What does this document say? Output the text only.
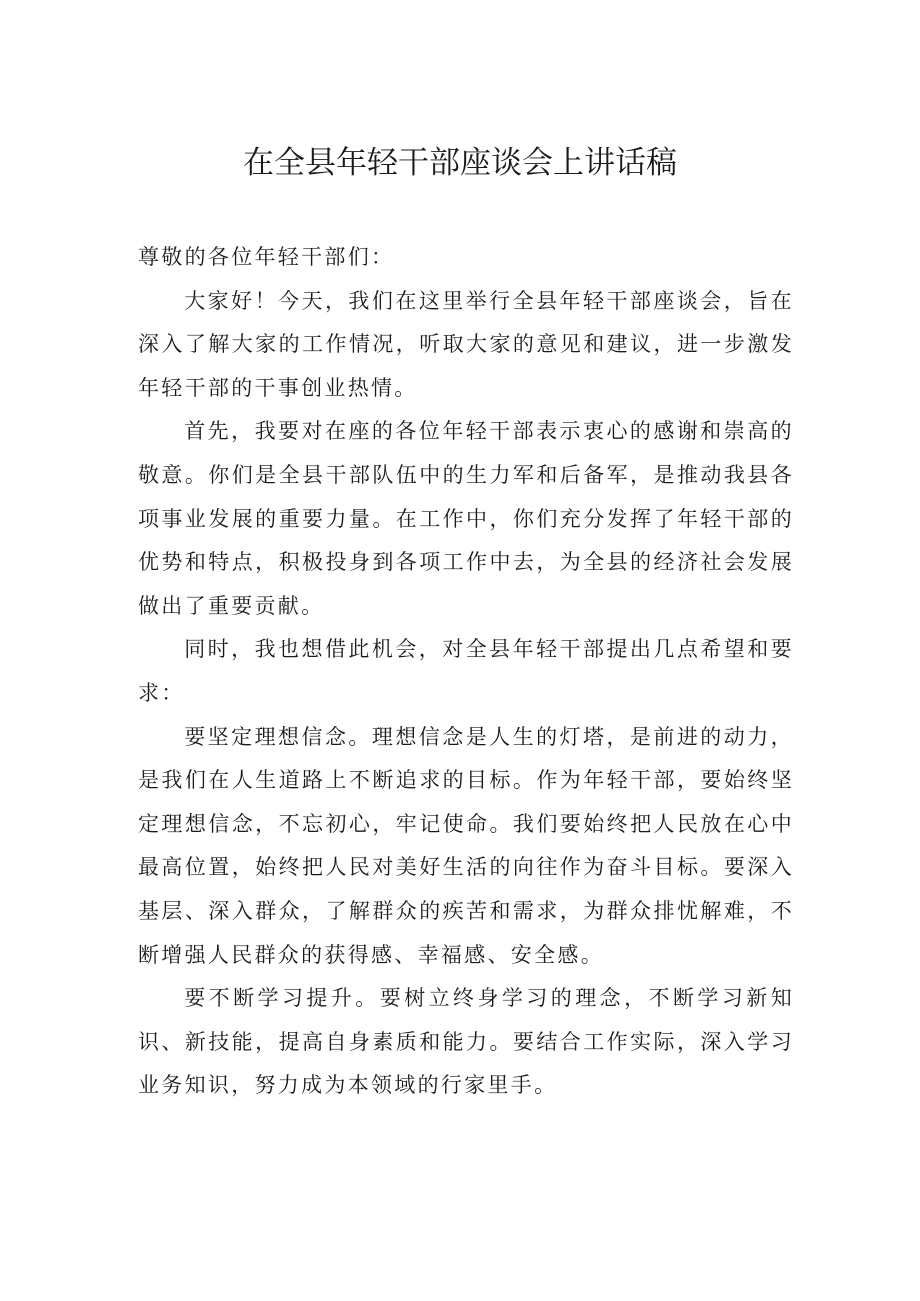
在全县年轻干部座谈会上讲话稿

尊敬的各位年轻干部们：

大家好！今天，我们在这里举行全县年轻干部座谈会，旨在深入了解大家的工作情况，听取大家的意见和建议，进一步激发年轻干部的干事创业热情。

首先，我要对在座的各位年轻干部表示衷心的感谢和崇高的敬意。你们是全县干部队伍中的生力军和后备军，是推动我县各项事业发展的重要力量。在工作中，你们充分发挥了年轻干部的优势和特点，积极投身到各项工作中去，为全县的经济社会发展做出了重要贡献。

同时，我也想借此机会，对全县年轻干部提出几点希望和要求：

要坚定理想信念。理想信念是人生的灯塔，是前进的动力，是我们在人生道路上不断追求的目标。作为年轻干部，要始终坚定理想信念，不忘初心，牢记使命。我们要始终把人民放在心中最高位置，始终把人民对美好生活的向往作为奋斗目标。要深入基层、深入群众，了解群众的疾苦和需求，为群众排忧解难，不断增强人民群众的获得感、幸福感、安全感。

要不断学习提升。要树立终身学习的理念，不断学习新知识、新技能，提高自身素质和能力。要结合工作实际，深入学习业务知识，努力成为本领域的行家里手。
